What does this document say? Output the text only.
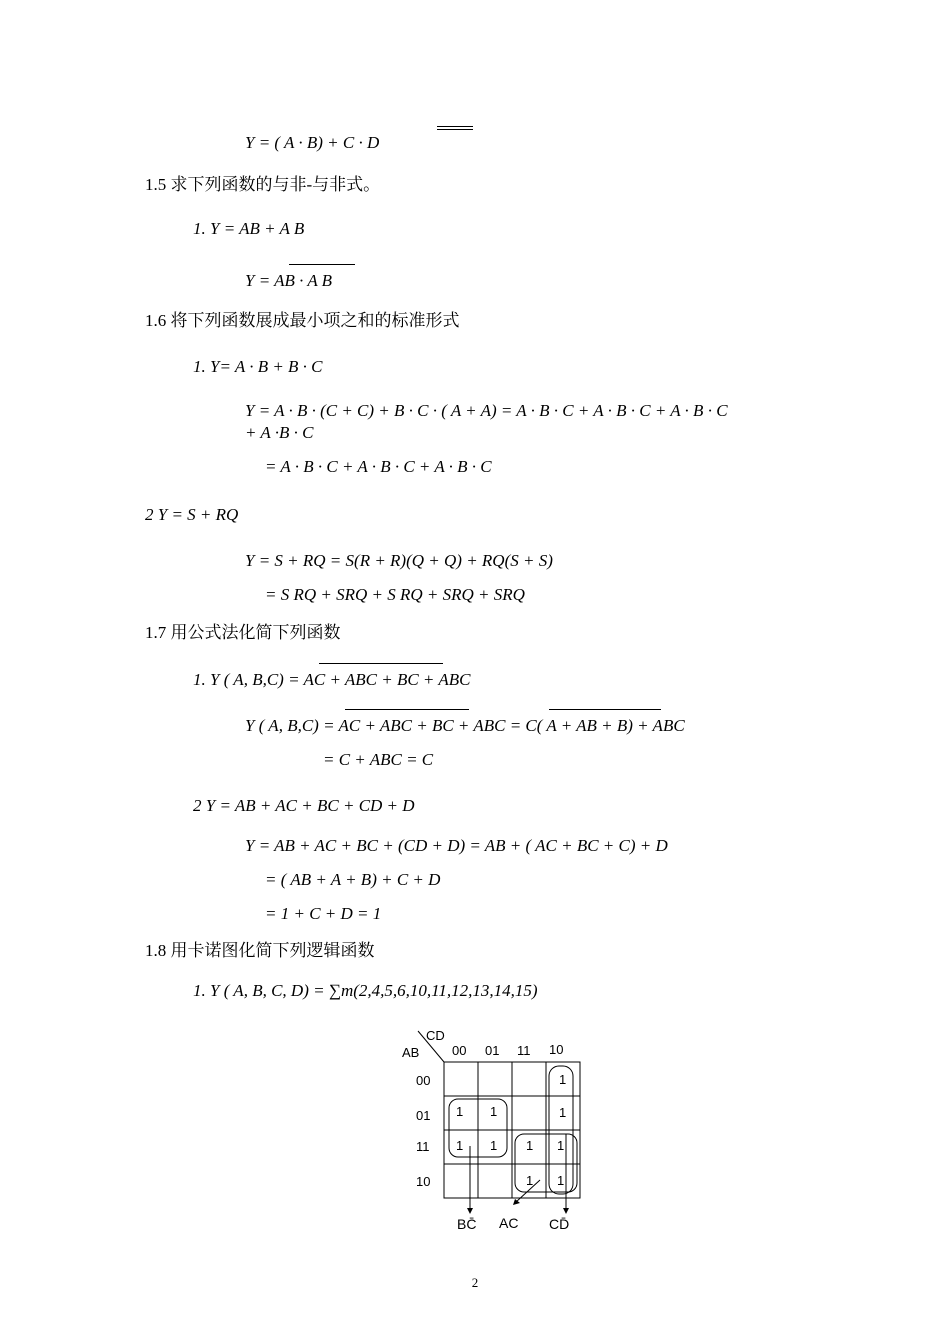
Y = ( A · B) + C · D
1.5 求下列函数的与非-与非式。
1. Y = AB + A B
Y = AB · A B
1.6 将下列函数展成最小项之和的标准形式
1. Y= A · B + B · C
Y = A · B · (C + C) + B · C · ( A + A) = A · B · C + A · B · C + A · B · C
+ A ·B · C
= A · B · C + A · B · C + A · B · C
2 Y = S + RQ
Y = S + RQ = S(R + R)(Q + Q) + RQ(S + S)
= S RQ + SRQ + S RQ + SRQ + SRQ
1.7 用公式法化简下列函数
1. Y ( A, B,C) = AC + ABC + BC + ABC
Y ( A, B,C) = AC + ABC + BC + ABC = C( A + AB + B) + ABC
= C + ABC = C
2 Y = AB + AC + BC + CD + D
Y = AB + AC + BC + (CD + D) = AB + ( AC + BC + C) + D
= ( AB + A + B) + C + D
= 1 + C + D = 1
1.8 用卡诺图化简下列逻辑函数
1. Y ( A, B, C, D) = ∑m(2,4,5,6,10,11,12,13,14,15)
CD
AB	00 01 11 10
00
01
11
10
1
1 1	1
1 1 1 1
1 1
BC̄ AC CD̄
2
